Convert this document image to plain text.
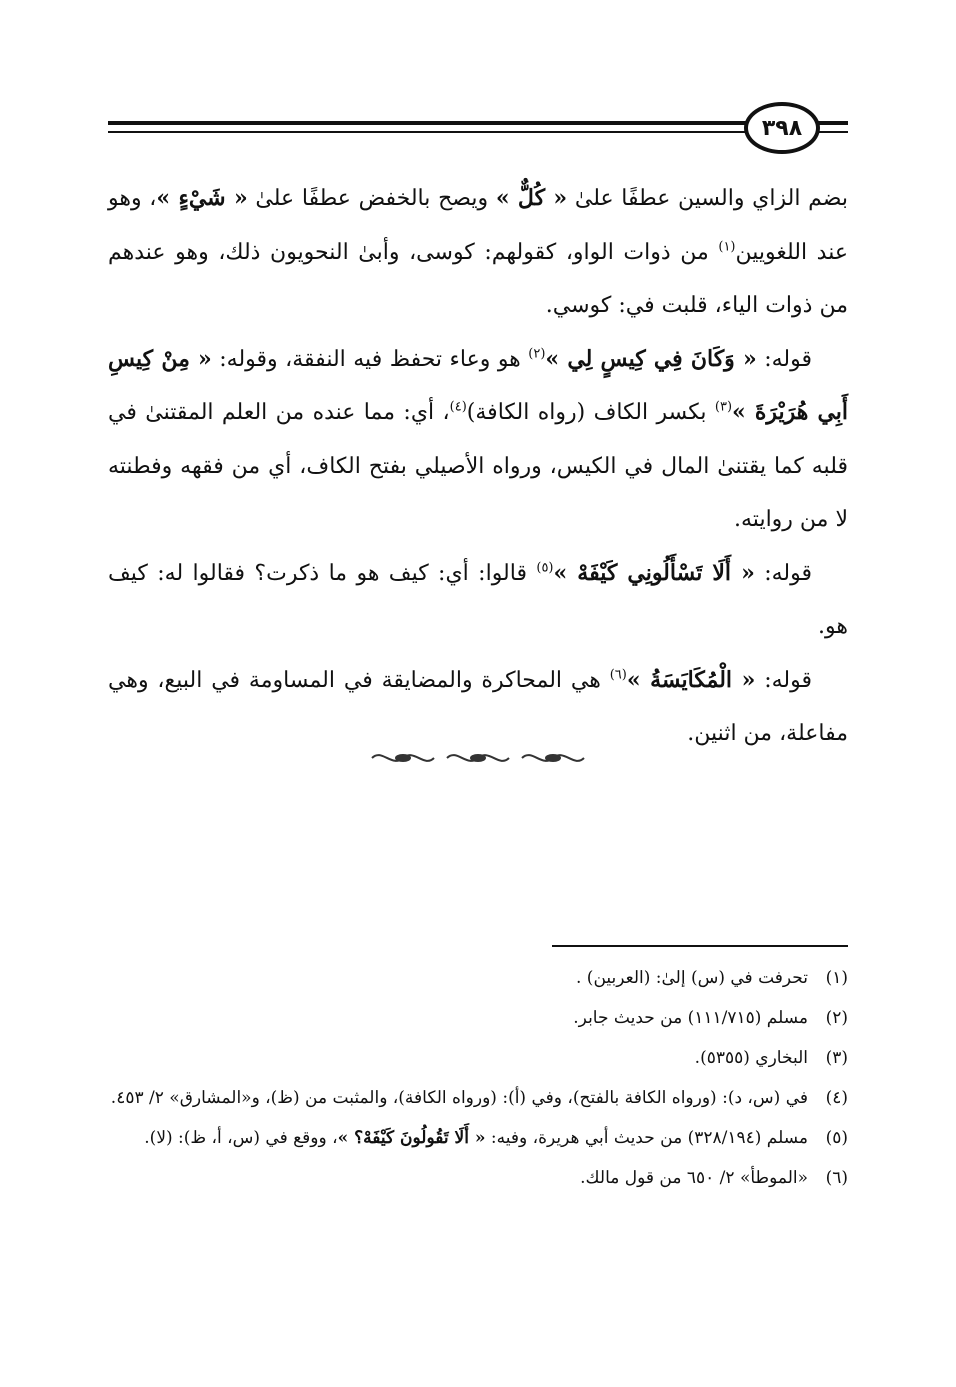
٣٩٨

بضم الزاي والسين عطفًا علىٰ « كُلٌّ » ويصح بالخفض عطفًا علىٰ « شَيْءٍ »، وهو عند اللغويين$^{(١)}$ من ذوات الواو، كقولهم: كوسى، وأبىٰ النحويون ذلك، وهو عندهم من ذوات الياء، قلبت في: كوسي.

قوله: « وَكَانَ فِي كِيسٍ لِي »$^{(٢)}$ هو وعاء تحفظ فيه النفقة، وقوله: « مِنْ كِيسِ أَبِي هُرَيْرَةَ »$^{(٣)}$ بكسر الكاف (رواه الكافة)$^{(٤)}$، أي: مما عنده من العلم المقتنىٰ في قلبه كما يقتنىٰ المال في الكيس، ورواه الأصيلي بفتح الكاف، أي من فقهه وفطنته لا من روايته.

قوله: « أَلَا تَسْأَلُونِي كَيْفَهْ »$^{(٥)}$ قالوا: أي: كيف هو ما ذكرت؟ فقالوا له: كيف هو.

قوله: « الْمُكَايَسَةُ »$^{(٦)}$ هي المحاكرة والمضايقة في المساومة في البيع، وهي مفاعلة، من اثنين.

(١)
تحرفت في (س) إلىٰ: (العربين) .
(٢)
مسلم (١١١/٧١٥) من حديث جابر.
(٣)
البخاري (٥٣٥٥).
(٤)
في (س، د): (ورواه الكافة بالفتح)، وفي (أ): (ورواه الكافة)، والمثبت من (ظ)، و«المشارق» ٢/ ٤٥٣.
(٥)
مسلم (٣٢٨/١٩٤) من حديث أبي هريرة، وفيه: « أَلَا تَقُولُونَ كَيْفَهْ؟ »، ووقع في (س، أ، ظ): (لا).
(٦)
«الموطأ» ٢/ ٦٥٠ من قول مالك.
